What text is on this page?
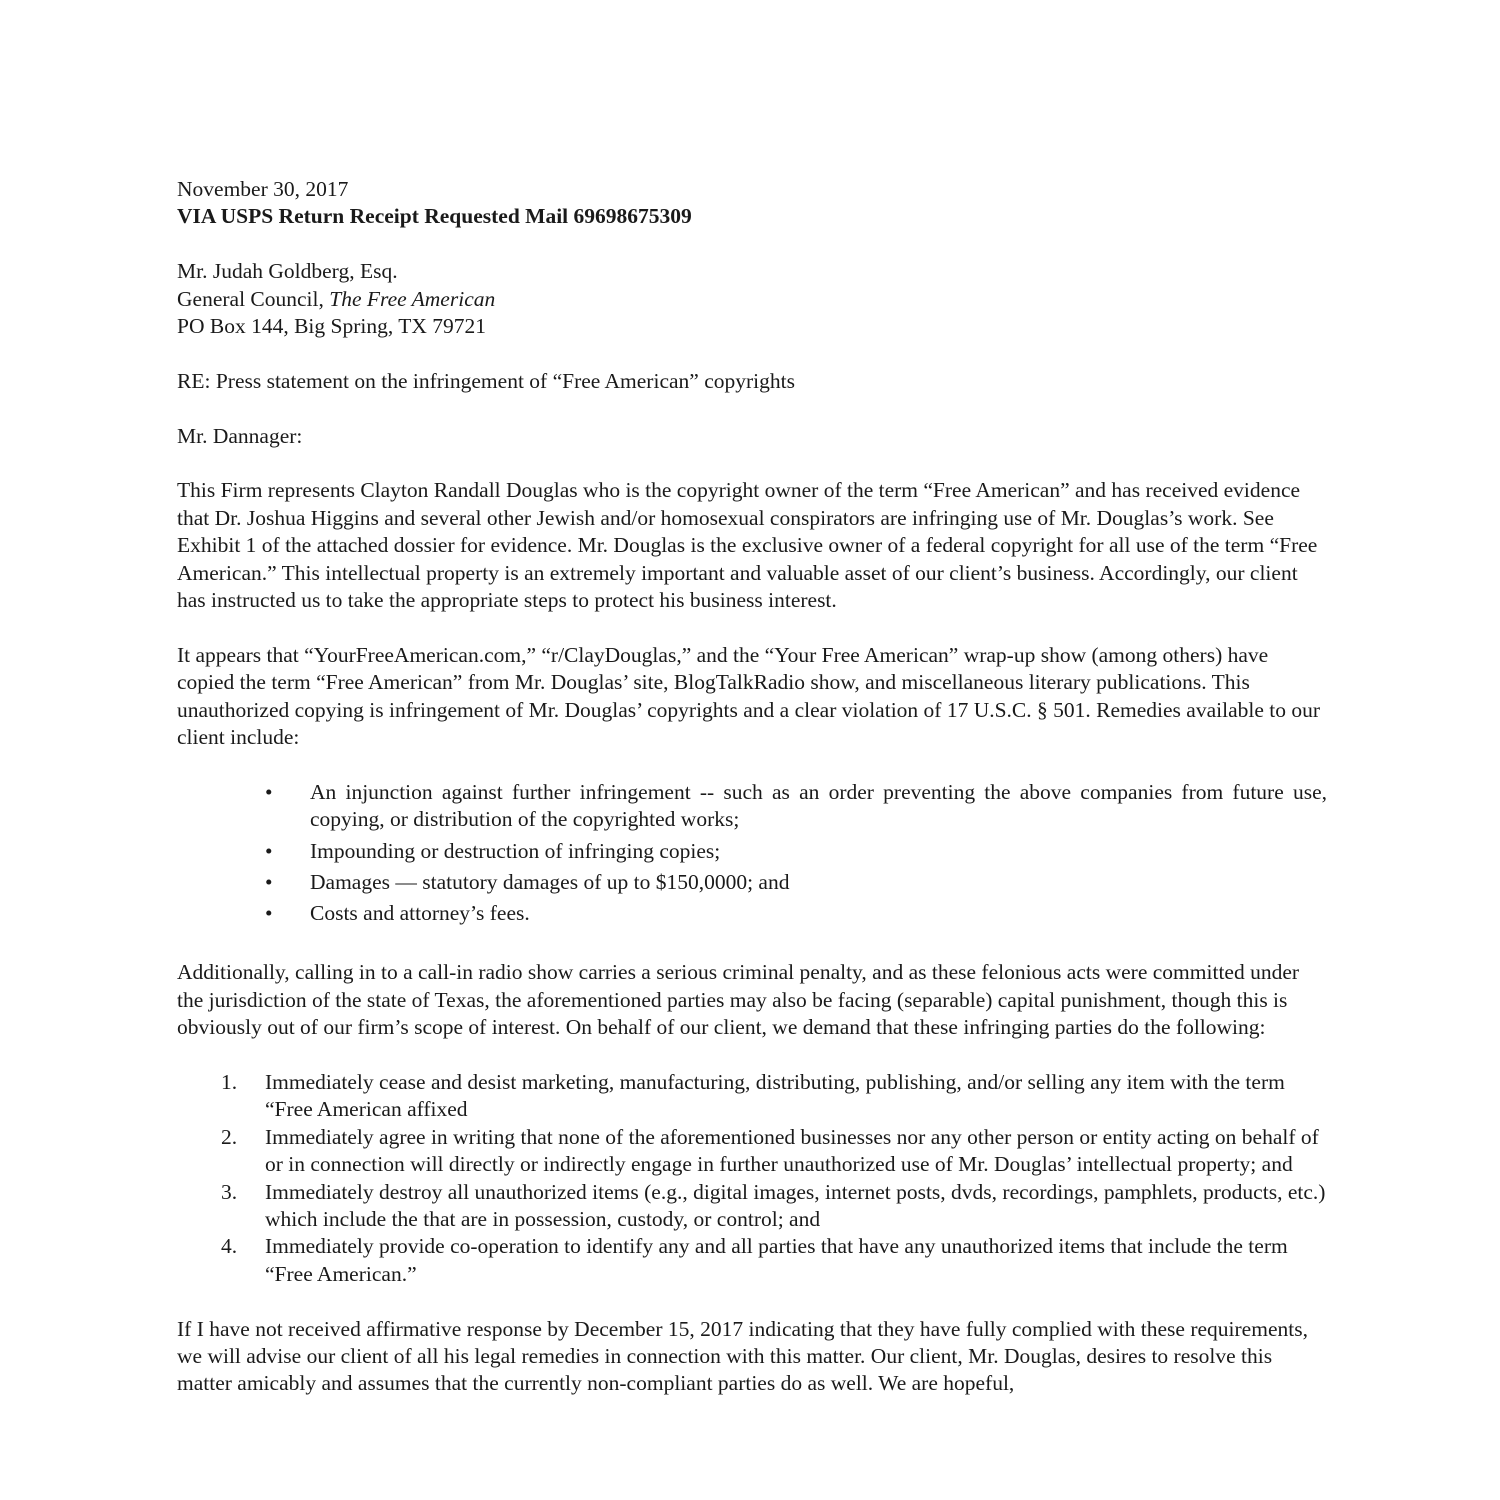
November 30, 2017
VIA USPS Return Receipt Requested Mail 69698675309
Mr. Judah Goldberg, Esq.
General Council, The Free American
PO Box 144, Big Spring, TX 79721
RE: Press statement on the infringement of “Free American” copyrights
Mr. Dannager:

This Firm represents Clayton Randall Douglas who is the copyright owner of the term “Free American” and has received evidence that Dr. Joshua Higgins and several other Jewish and/or homosexual conspirators are infringing use of Mr. Douglas’s work. See Exhibit 1 of the attached dossier for evidence. Mr. Douglas is the exclusive owner of a federal copyright for all use of the term “Free American.” This intellectual property is an extremely important and valuable asset of our client’s business. Accordingly, our client has instructed us to take the appropriate steps to protect his business interest.

It appears that “YourFreeAmerican.com,” “r/ClayDouglas,” and the “Your Free American” wrap-up show (among others) have copied the term “Free American” from Mr. Douglas’ site, BlogTalkRadio show, and miscellaneous literary publications. This unauthorized copying is infringement of Mr. Douglas’ copyrights and a clear violation of 17 U.S.C. § 501. Remedies available to our client include:

• An injunction against further infringement -- such as an order preventing the above companies from future use, copying, or distribution of the copyrighted works;
• Impounding or destruction of infringing copies;
• Damages — statutory damages of up to $150,0000; and
• Costs and attorney’s fees.

Additionally, calling in to a call-in radio show carries a serious criminal penalty, and as these felonious acts were committed under the jurisdiction of the state of Texas, the aforementioned parties may also be facing (separable) capital punishment, though this is obviously out of our firm’s scope of interest. On behalf of our client, we demand that these infringing parties do the following:

1. Immediately cease and desist marketing, manufacturing, distributing, publishing, and/or selling any item with the term “Free American affixed
2. Immediately agree in writing that none of the aforementioned businesses nor any other person or entity acting on behalf of or in connection will directly or indirectly engage in further unauthorized use of Mr. Douglas’ intellectual property; and
3. Immediately destroy all unauthorized items (e.g., digital images, internet posts, dvds, recordings, pamphlets, products, etc.) which include the that are in possession, custody, or control; and
4. Immediately provide co-operation to identify any and all parties that have any unauthorized items that include the term “Free American.”

If I have not received affirmative response by December 15, 2017 indicating that they have fully complied with these requirements, we will advise our client of all his legal remedies in connection with this matter. Our client, Mr. Douglas, desires to resolve this matter amicably and assumes that the currently non-compliant parties do as well. We are hopeful,
